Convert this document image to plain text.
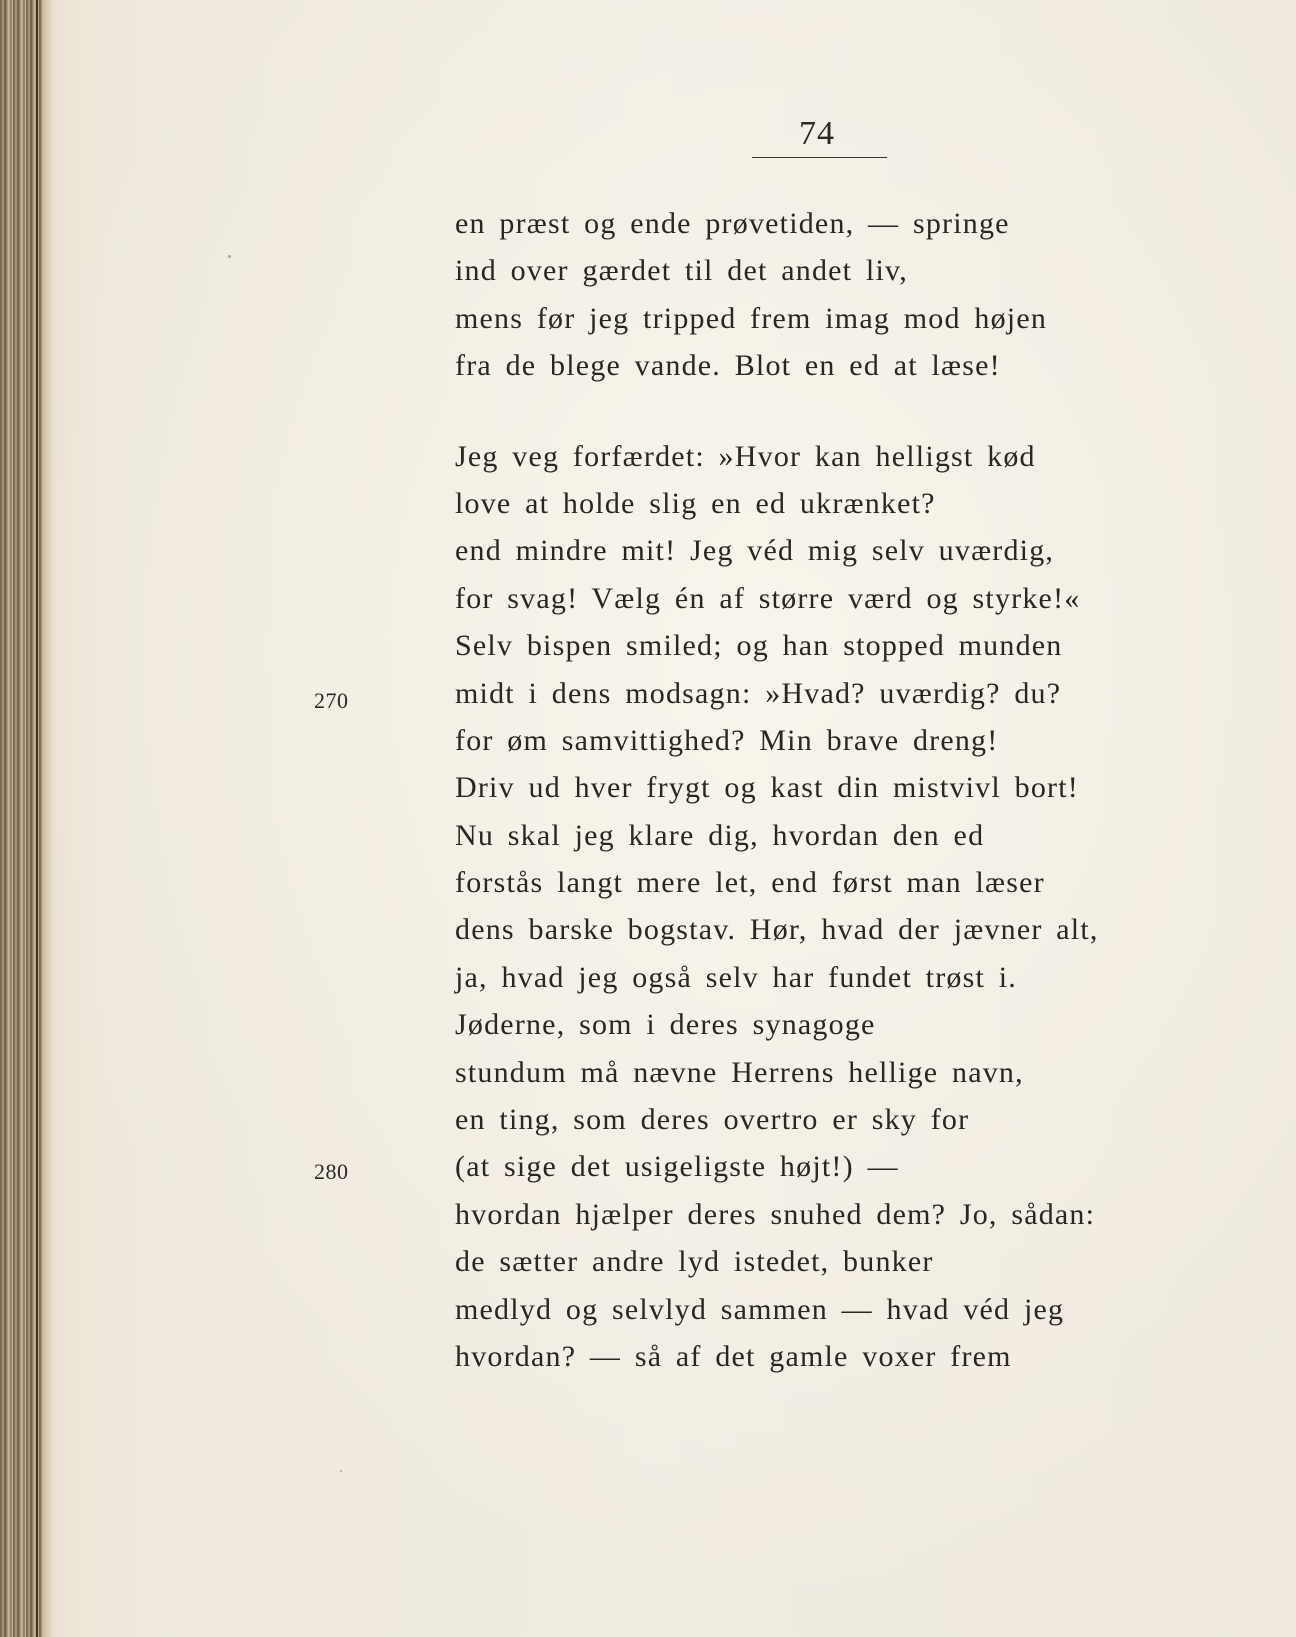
74
270
280
en præst og ende prøvetiden, — springe
ind over gærdet til det andet liv,
mens før jeg tripped frem imag mod højen
fra de blege vande. Blot en ed at læse!
Jeg veg forfærdet: »Hvor kan helligst kød
love at holde slig en ed ukrænket?
end mindre mit! Jeg véd mig selv uværdig,
for svag! Vælg én af større værd og styrke!«
Selv bispen smiled; og han stopped munden
midt i dens modsagn: »Hvad? uværdig? du?
for øm samvittighed? Min brave dreng!
Driv ud hver frygt og kast din mistvivl bort!
Nu skal jeg klare dig, hvordan den ed
forstås langt mere let, end først man læser
dens barske bogstav. Hør, hvad der jævner alt,
ja, hvad jeg også selv har fundet trøst i.
Jøderne, som i deres synagoge
stundum må nævne Herrens hellige navn,
en ting, som deres overtro er sky for
(at sige det usigeligste højt!) —
hvordan hjælper deres snuhed dem? Jo, sådan:
de sætter andre lyd istedet, bunker
medlyd og selvlyd sammen — hvad véd jeg
hvordan? — så af det gamle voxer frem
